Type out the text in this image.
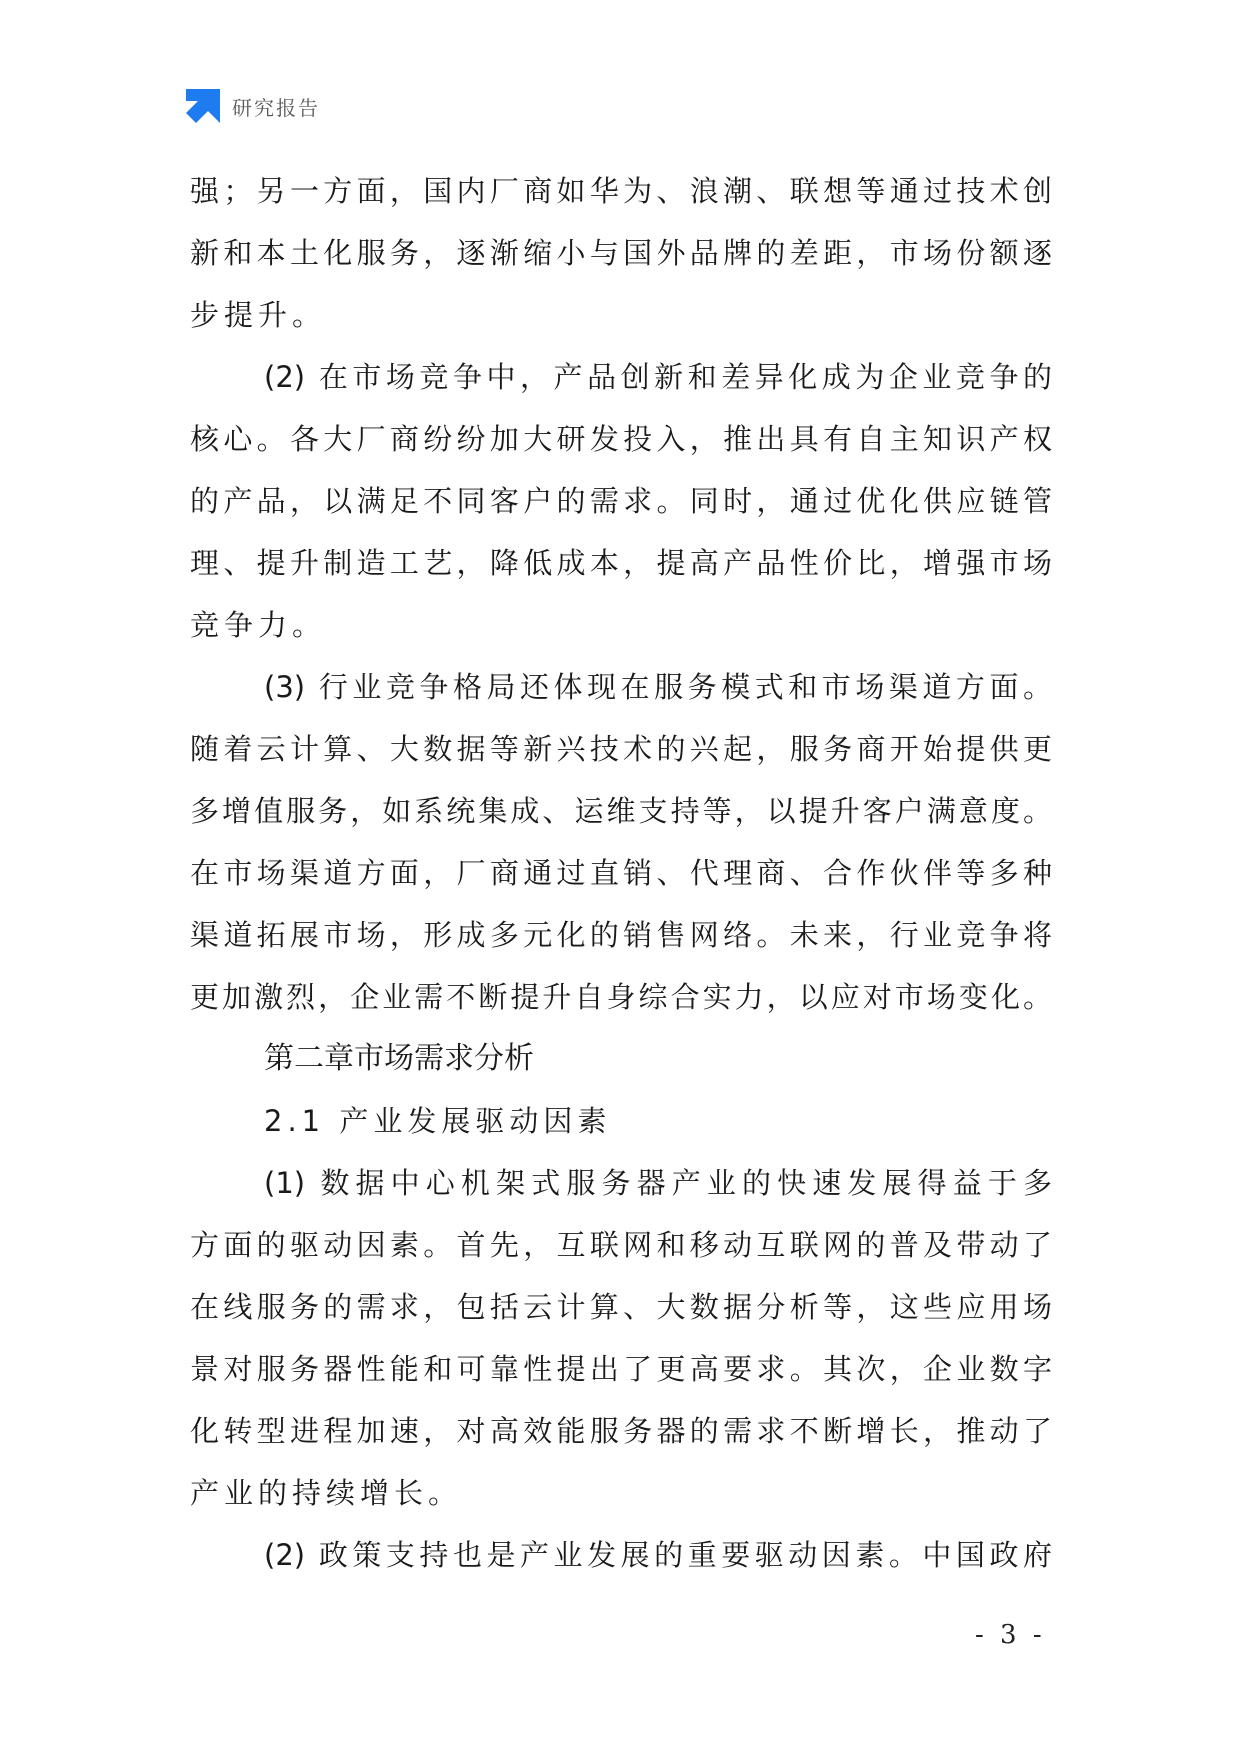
研究报告
强；另一方面，国内厂商如华为、浪潮、联想等通过技术创
新和本土化服务，逐渐缩小与国外品牌的差距，市场份额逐
步提升。
(2) 在市场竞争中，产品创新和差异化成为企业竞争的
核心。各大厂商纷纷加大研发投入，推出具有自主知识产权
的产品，以满足不同客户的需求。同时，通过优化供应链管
理、提升制造工艺，降低成本，提高产品性价比，增强市场
竞争力。
(3) 行业竞争格局还体现在服务模式和市场渠道方面。
随着云计算、大数据等新兴技术的兴起，服务商开始提供更
多增值服务，如系统集成、运维支持等，以提升客户满意度。
在市场渠道方面，厂商通过直销、代理商、合作伙伴等多种
渠道拓展市场，形成多元化的销售网络。未来，行业竞争将
更加激烈，企业需不断提升自身综合实力，以应对市场变化。
第二章市场需求分析
2.1 产业发展驱动因素
(1) 数据中心机架式服务器产业的快速发展得益于多
方面的驱动因素。首先，互联网和移动互联网的普及带动了
在线服务的需求，包括云计算、大数据分析等，这些应用场
景对服务器性能和可靠性提出了更高要求。其次，企业数字
化转型进程加速，对高效能服务器的需求不断增长，推动了
产业的持续增长。
(2) 政策支持也是产业发展的重要驱动因素。中国政府
- 3 -
